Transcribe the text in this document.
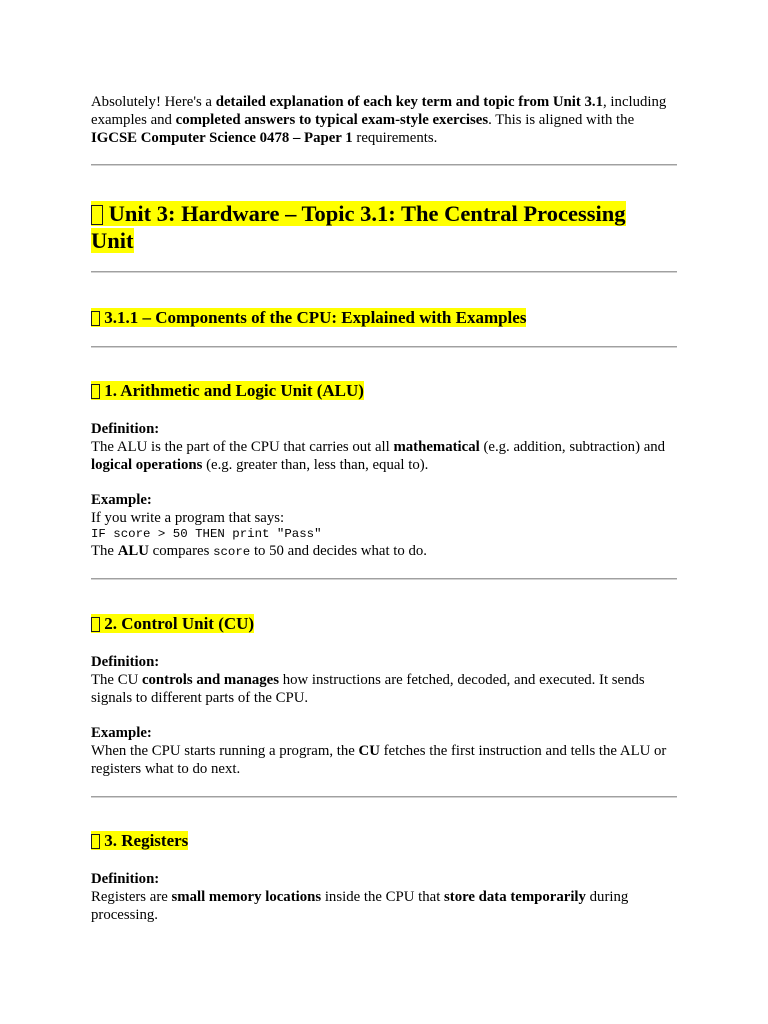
Absolutely! Here's a detailed explanation of each key term and topic from Unit 3.1, including
examples and completed answers to typical exam-style exercises. This is aligned with the
IGCSE Computer Science 0478 – Paper 1 requirements.

Unit 3: Hardware – Topic 3.1: The Central Processing
Unit
3.1.1 – Components of the CPU: Explained with Examples
1. Arithmetic and Logic Unit (ALU)
Definition:
The ALU is the part of the CPU that carries out all mathematical (e.g. addition, subtraction) and
logical operations (e.g. greater than, less than, equal to).
Example:
If you write a program that says:
IF score > 50 THEN print "Pass"
The ALU compares score to 50 and decides what to do.
2. Control Unit (CU)
Definition:
The CU controls and manages how instructions are fetched, decoded, and executed. It sends
signals to different parts of the CPU.
Example:
When the CPU starts running a program, the CU fetches the first instruction and tells the ALU or
registers what to do next.
3. Registers
Definition:
Registers are small memory locations inside the CPU that store data temporarily during
processing.
